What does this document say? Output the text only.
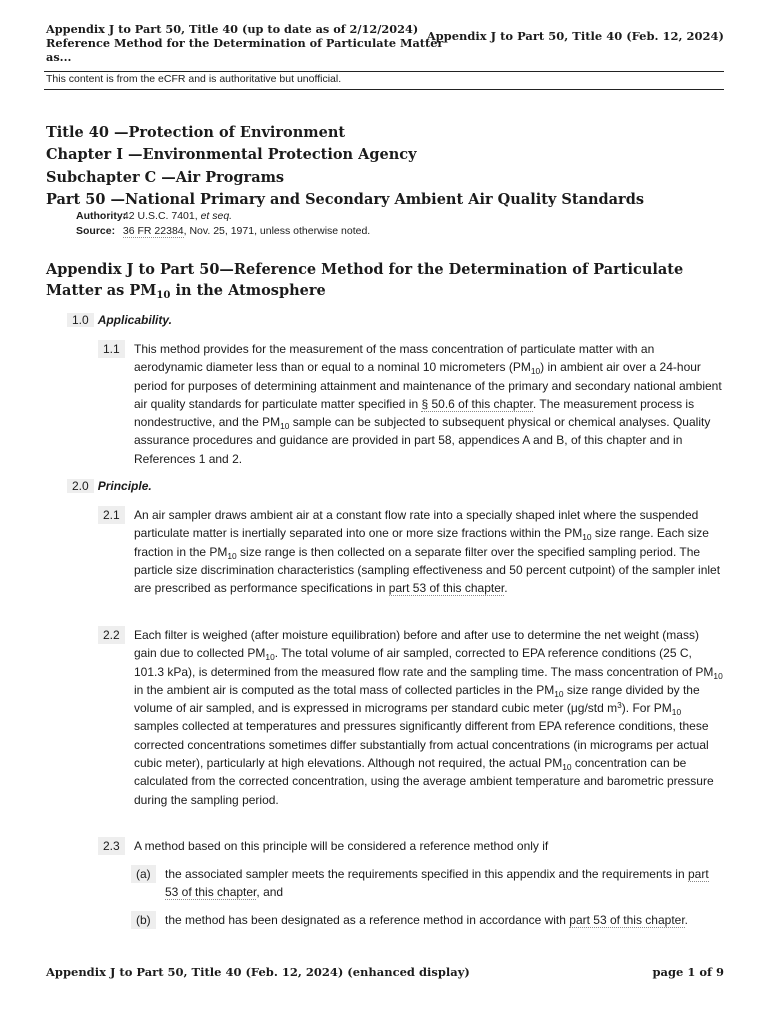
Appendix J to Part 50, Title 40 (up to date as of 2/12/2024)
Reference Method for the Determination of Particulate Matter as...
Appendix J to Part 50, Title 40 (Feb. 12, 2024)
This content is from the eCFR and is authoritative but unofficial.
Title 40 —Protection of Environment
Chapter I —Environmental Protection Agency
Subchapter C —Air Programs
Part 50 —National Primary and Secondary Ambient Air Quality Standards
Authority: 42 U.S.C. 7401, et seq.
Source: 36 FR 22384, Nov. 25, 1971, unless otherwise noted.
Appendix J to Part 50—Reference Method for the Determination of Particulate Matter as $PM_{10}$ in the Atmosphere
1.0 Applicability.
1.1	This method provides for the measurement of the mass concentration of particulate matter with an aerodynamic diameter less than or equal to a nominal 10 micrometers $(PM_{10})$ in ambient air over a 24-hour period for purposes of determining attainment and maintenance of the primary and secondary national ambient air quality standards for particulate matter specified in § 50.6 of this chapter. The measurement process is nondestructive, and the $PM_{10}$ sample can be subjected to subsequent physical or chemical analyses. Quality assurance procedures and guidance are provided in part 58, appendices A and B, of this chapter and in References 1 and 2.
2.0 Principle.
2.1	An air sampler draws ambient air at a constant flow rate into a specially shaped inlet where the suspended particulate matter is inertially separated into one or more size fractions within the $PM_{10}$ size range. Each size fraction in the $PM_{10}$ size range is then collected on a separate filter over the specified sampling period. The particle size discrimination characteristics (sampling effectiveness and 50 percent cutpoint) of the sampler inlet are prescribed as performance specifications in part 53 of this chapter.
2.2	Each filter is weighed (after moisture equilibration) before and after use to determine the net weight (mass) gain due to collected $PM_{10}$. The total volume of air sampled, corrected to EPA reference conditions (25 C, 101.3 kPa), is determined from the measured flow rate and the sampling time. The mass concentration of $PM_{10}$ in the ambient air is computed as the total mass of collected particles in the $PM_{10}$ size range divided by the volume of air sampled, and is expressed in micrograms per standard cubic meter (μg/std $m^3$). For $PM_{10}$ samples collected at temperatures and pressures significantly different from EPA reference conditions, these corrected concentrations sometimes differ substantially from actual concentrations (in micrograms per actual cubic meter), particularly at high elevations. Although not required, the actual $PM_{10}$ concentration can be calculated from the corrected concentration, using the average ambient temperature and barometric pressure during the sampling period.
2.3	A method based on this principle will be considered a reference method only if
(a)	the associated sampler meets the requirements specified in this appendix and the requirements in part 53 of this chapter, and
(b)	the method has been designated as a reference method in accordance with part 53 of this chapter.
Appendix J to Part 50, Title 40 (Feb. 12, 2024) (enhanced display)	page 1 of 9
